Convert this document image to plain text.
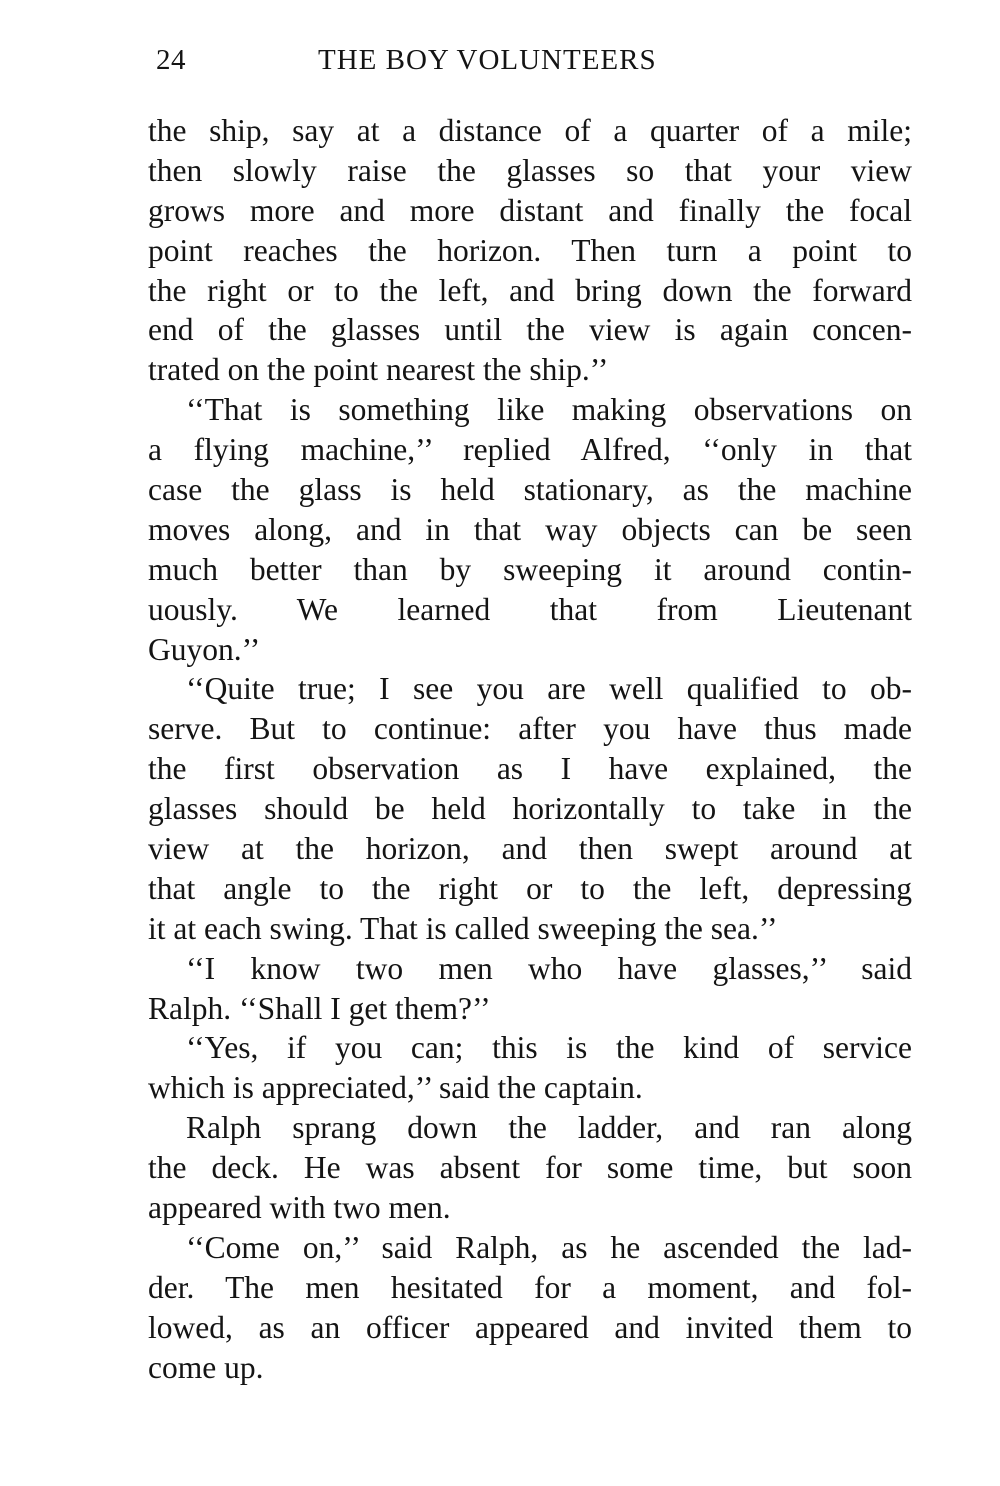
24	THE BOY VOLUNTEERS
the ship, say at a distance of a quarter of a mile;
then slowly raise the glasses so that your view
grows more and more distant and finally the focal
point reaches the horizon. Then turn a point to
the right or to the left, and bring down the forward
end of the glasses until the view is again concen-
trated on the point nearest the ship.’’
‘‘That is something like making observations on
a flying machine,’’ replied Alfred, ‘‘only in that
case the glass is held stationary, as the machine
moves along, and in that way objects can be seen
much better than by sweeping it around contin-
uously. We learned that from Lieutenant
Guyon.’’
‘‘Quite true; I see you are well qualified to ob-
serve. But to continue: after you have thus made
the first observation as I have explained, the
glasses should be held horizontally to take in the
view at the horizon, and then swept around at
that angle to the right or to the left, depressing
it at each swing. That is called sweeping the sea.’’
‘‘I know two men who have glasses,’’ said
Ralph. ‘‘Shall I get them?’’
‘‘Yes, if you can; this is the kind of service
which is appreciated,’’ said the captain.
Ralph sprang down the ladder, and ran along
the deck. He was absent for some time, but soon
appeared with two men.
‘‘Come on,’’ said Ralph, as he ascended the lad-
der. The men hesitated for a moment, and fol-
lowed, as an officer appeared and invited them to
come up.
